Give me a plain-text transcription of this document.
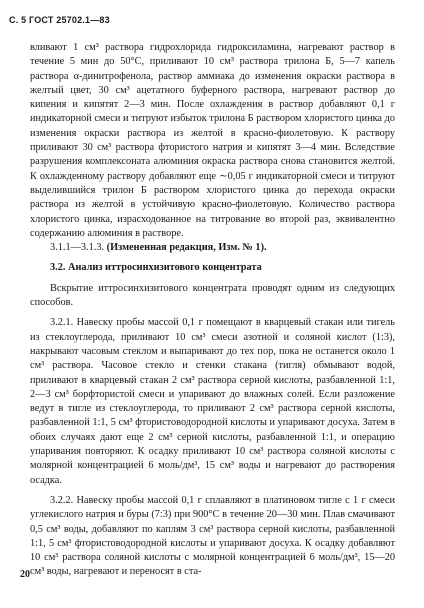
С. 5 ГОСТ 25702.1—83

вливают 1 см³ раствора гидрохлорида гидроксиламина, нагревают раствор в течение 5 мин до 50°С, приливают 10 см³ раствора трилона Б, 5—7 капель раствора α-динитрофенола, раствор аммиака до изменения окраски раствора в желтый цвет, 30 см³ ацетатного буферного раствора, нагревают раствор до кипения и кипятят 2—3 мин. После охлаждения в раствор добавляют 0,1 г индикаторной смеси и титруют избыток трилона Б раствором хлористого цинка до изменения окраски раствора из желтой в красно-фиолетовую. К раствору приливают 30 см³ раствора фтористого натрия и кипятят 3—4 мин. Вследствие разрушения комплексоната алюминия окраска раствора снова становится желтой. К охлажденному раствору добавляют еще ∼0,05 г индикаторной смеси и титруют выделившийся трилон Б раствором хлористого цинка до перехода окраски раствора из желтой в устойчивую красно-фиолетовую. Количество раствора хлористого цинка, израсходованное на титрование во второй раз, эквивалентно содержанию алюминия в растворе.

3.1.1—3.1.3. (Измененная редакция, Изм. № 1).

3.2. Анализ иттросинхизитового концентрата

Вскрытие иттросинхизитового концентрата проводят одним из следующих способов.

3.2.1. Навеску пробы массой 0,1 г помещают в кварцевый стакан или тигель из стеклоуглерода, приливают 10 см³ смеси азотной и соляной кислот (1:3), накрывают часовым стеклом и выпаривают до тех пор, пока не останется около 1 см³ раствора. Часовое стекло и стенки стакана (тигля) обмывают водой, приливают в кварцевый стакан 2 см³ раствора серной кислоты, разбавленной 1:1, 2—3 см³ борфтористой смеси и упаривают до влажных солей. Если разложение ведут в тигле из стеклоуглерода, то приливают 2 см³ раствора серной кислоты, разбавленной 1:1, 5 см³ фтористоводородной кислоты и упаривают досуха. Затем в обоих случаях дают еще 2 см³ серной кислоты, разбавленной 1:1, и операцию упаривания повторяют. К осадку приливают 10 см³ раствора соляной кислоты с молярной концентрацией 6 моль/дм³, 15 см³ воды и нагревают до растворения осадка.

3.2.2. Навеску пробы массой 0,1 г сплавляют в платиновом тигле с 1 г смеси углекислого натрия и буры (7:3) при 900°С в течение 20—30 мин. Плав смачивают 0,5 см³ воды, добавляют по каплям 3 см³ раствора серной кислоты, разбавленной 1:1, 5 см³ фтористоводородной кислоты и упаривают досуха. К осадку добавляют 10 см³ раствора соляной кислоты с молярной концентрацией 6 моль/дм³, 15—20 см³ воды, нагревают и переносят в ста-

20
